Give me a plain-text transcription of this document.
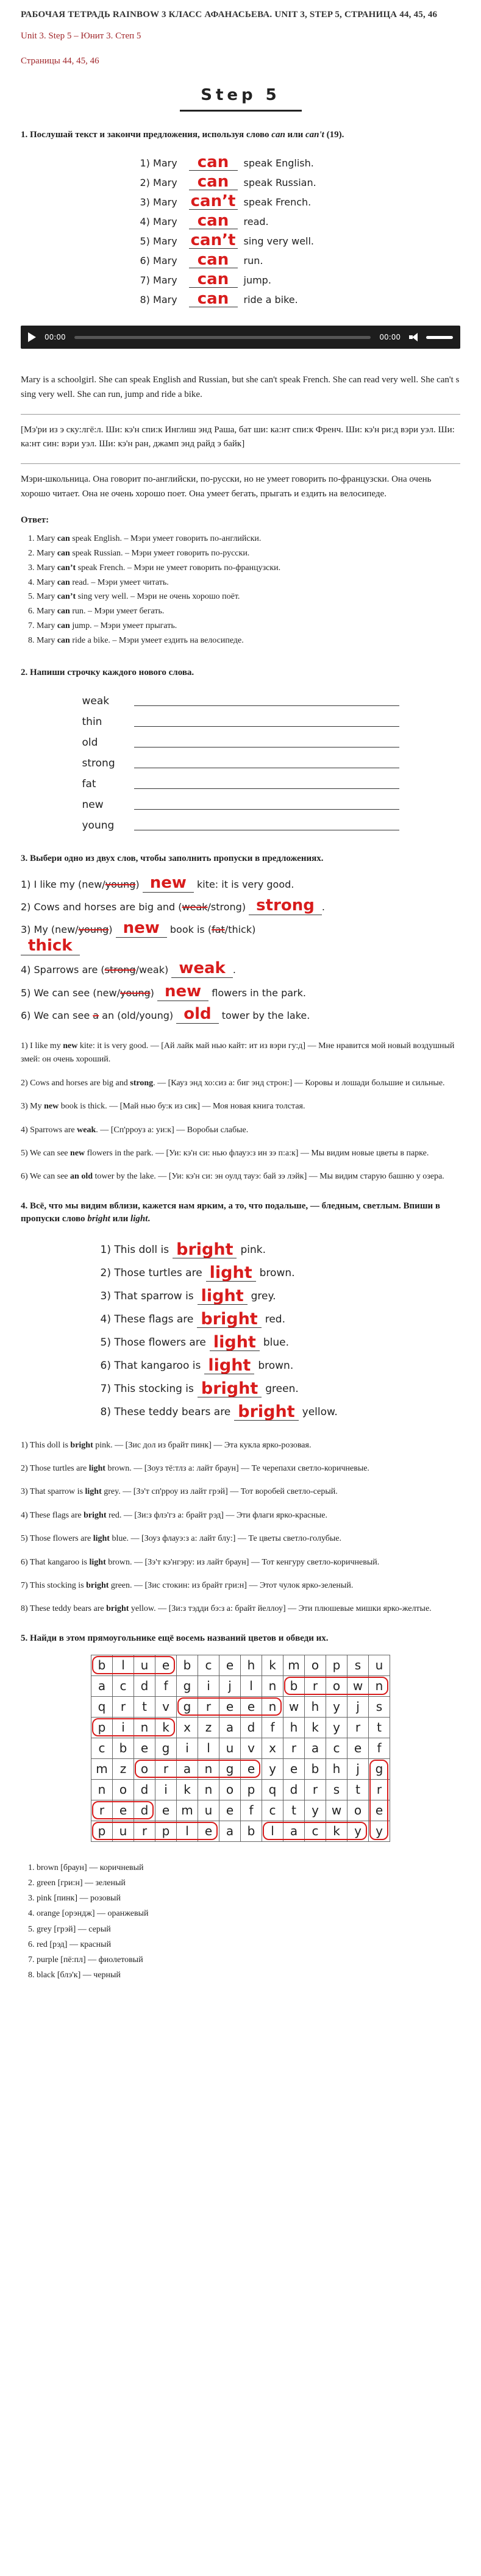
РАБОЧАЯ ТЕТРАДЬ RAINBOW 3 КЛАСС АФАНАСЬЕВА. UNIT 3, STEP 5, СТРАНИЦА 44, 45, 46
Unit 3. Step 5 – Юнит 3. Степ 5
Страницы 44, 45, 46
Step 5
1. Послушай текст и закончи предложения, используя слово can или can't (19).
1) Mary	can	speak English.
2) Mary	can	speak Russian.
3) Mary can’t speak French.
4) Mary	can	read.
5) Mary can’t sing very well.
6) Mary	can	run.
7) Mary	can	jump.
8) Mary	can	ride a bike.
00:00	00:00

Mary is a schoolgirl. She can speak English and Russian, but she can't speak French. She can read very well. She can't s sing very well. She can run, jump and ride a bike.

[Мэ'ри из э ску:лгё:л. Ши: кэ'н спи:к Инглиш энд Раша, бат ши: ка:нт спи:к Френч. Ши: кэ'н ри:д вэри уэл. Ши: ка:нт син: вэри уэл. Ши: кэ'н ран, джамп энд райд э байк]

Мэри-школьница. Она говорит по-английски, по-русски, но не умеет говорить по-французски. Она очень хорошо читает. Она не очень хорошо поет. Она умеет бегать, прыгать и ездить на велосипеде.

Ответ:
1. Mary can speak English. – Мэри умеет говорить по-английски.
2. Mary can speak Russian. – Мэри умеет говорить по-русски.
3. Mary can’t speak French. – Мэри не умеет говорить по-французски.
4. Mary can read. – Мэри умеет читать.
5. Mary can’t sing very well. – Мэри не очень хорошо поёт.
6. Mary can run. – Мэри умеет бегать.
7. Mary can jump. – Мэри умеет прыгать.
8. Mary can ride a bike. – Мэри умеет ездить на велосипеде.
2. Напиши строчку каждого нового слова.
weak
thin
old
strong
fat
new
young
3. Выбери одно из двух слов, чтобы заполнить пропуски в предложениях.
1) I like my (new/young) new kite: it is very good.
2) Cows and horses are big and (weak/strong) strong .
3) My (new/young) new book is (fat/thick)
thick
4) Sparrows are (strong/weak) weak .
5) We can see (new/young) new flowers in the park.
6) We can see a an (old/young) old tower by the lake.

1) I like my new kite: it is very good. — [Ай лайк май нью кайт: ит из вэри гу:д] — Мне нравится мой новый воздушный змей: он очень хороший.

2) Cows and horses are big and strong. — [Кауз энд хо:сиз а: биг энд строн:] — Коровы и лошади большие и сильные.

3) My new book is thick. — [Май нью бу:к из сик] — Моя новая книга толстая.

4) Sparrows are weak. — [Сп'рроуз а: уи:к] — Воробьи слабые.

5) We can see new flowers in the park. — [Уи: кэ'н си: нью флауэ:з ин зэ п:а:к] — Мы видим новые цветы в парке.

6) We can see an old tower by the lake. — [Уи: кэ'н си: эн оулд тауэ: бай зэ лэйк] — Мы видим старую башню у озера.

4. Всё, что мы видим вблизи, кажется нам ярким, а то, что подальше, — бледным, светлым. Впиши в пропуски слово bright или light.
1) This doll is bright pink.
2) Those turtles are light brown.
3) That sparrow is light grey.
4) These flags are bright red.
5) Those flowers are light blue.
6) That kangaroo is light brown.
7) This stocking is bright green.
8) These teddy bears are bright yellow.

1) This doll is bright pink. — [Зис дол из брайт пинк] — Эта кукла ярко-розовая.

2) Those turtles are light brown. — [Зоуз тё:тлз а: лайт браун] — Те черепахи светло-коричневые.

3) That sparrow is light grey. — [Зэ'т сп'рроу из лайт грэй] — Тот воробей светло-серый.

4) These flags are bright red. — [Зи:з флэ'гз а: брайт рэд] — Эти флаги ярко-красные.

5) Those flowers are light blue. — [Зоуз флауэ:з а: лайт блу:] — Те цветы светло-голубые.

6) That kangaroo is light brown. — [Зэ'т кэ'нгэру: из лайт браун] — Тот кенгуру светло-коричневый.

7) This stocking is bright green. — [Зис стокин: из брайт гри:н] — Этот чулок ярко-зеленый.

8) These teddy bears are bright yellow. — [Зи:з тэдди бэ:з а: брайт йеллоу] — Эти плюшевые мишки ярко-желтые.

5. Найди в этом прямоугольнике ещё восемь названий цветов и обведи их.
b	l	u	e	b	c	e	h	k	m	o	p	s	u
a	c	d	f	g	i	j	l	n	b	r	o	w	n
q	r	t	v	g	r	e	e	n	w	h	y	j	s
p	i	n	k	x	z	a	d	f	h	k	y	r	t
c	b	e	g	i	l	u	v	x	r	a	c	e	f
m	z	o	r	a	n	g	e	y	e	b	h	j	g
n	o	d	i	k	n	o	p	q	d	r	s	t	r
r	e	d	e	m	u	e	f	c	t	y	w	o	e
p	u	r	p	l	e	a	b	l	a	c	k	y	y
1. brown [браун] — коричневый
2. green [гри:н] — зеленый
3. pink [пинк] — розовый
4. orange [орэндж] — оранжевый
5. grey [грэй] — серый
6. red [рэд] — красный
7. purple [пё:пл] — фиолетовый
8. black [блэ'к] — черный
